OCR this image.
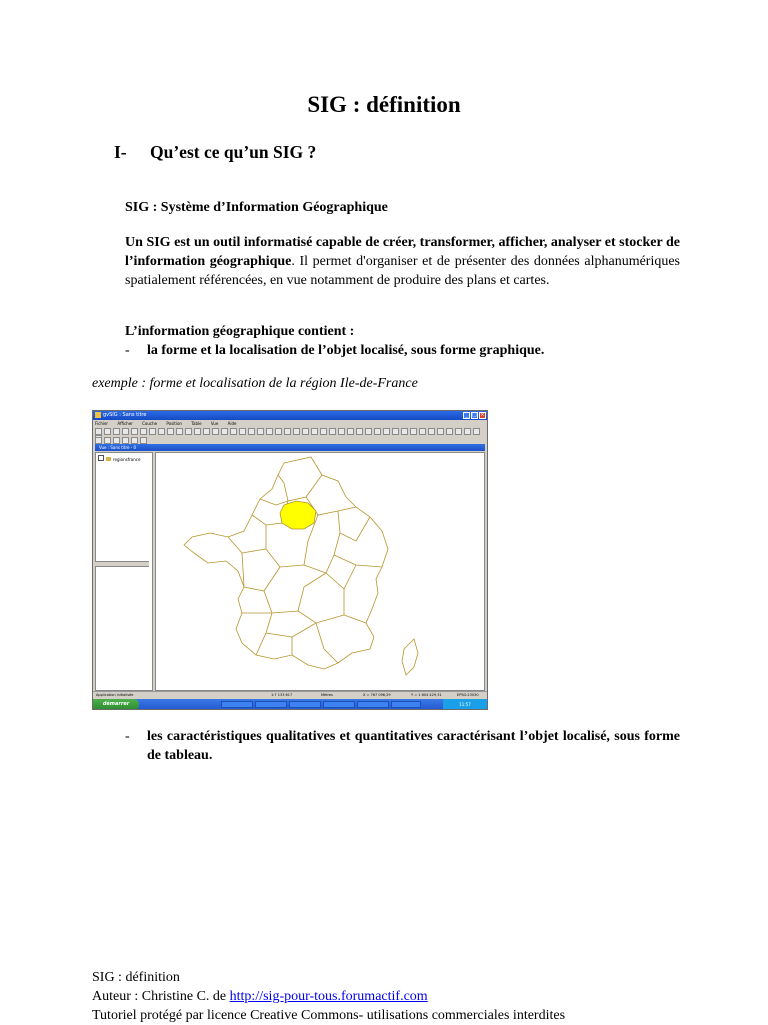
SIG : définition
I- Qu’est ce qu’un SIG ?
SIG : Système d’Information Géographique
Un SIG est un outil informatisé capable de créer, transformer, afficher, analyser et stocker de l’information géographique. Il permet d'organiser et de présenter des données alphanumériques spatialement référencées, en vue notamment de produire des plans et cartes.
L’information géographique contient :
- la forme et la localisation de l’objet localisé, sous forme graphique.
exemple : forme et localisation de la région Ile-de-France
gvSIG : Sans titre	_ □ ×
Fichier Afficher Couche Position Table Vue Aide
Vue : Sans titre - 0
regionsfrance
Application initialisée	1:7 133 617	Mètres	X = 767 096,29	Y = 1 604 429,31	EPSG:23030
démarrer	11:57
- les caractéristiques qualitatives et quantitatives caractérisant l’objet localisé, sous forme de tableau.
SIG : définition
Auteur : Christine C. de http://sig-pour-tous.forumactif.com
Tutoriel protégé par licence Creative Commons- utilisations commerciales interdites
